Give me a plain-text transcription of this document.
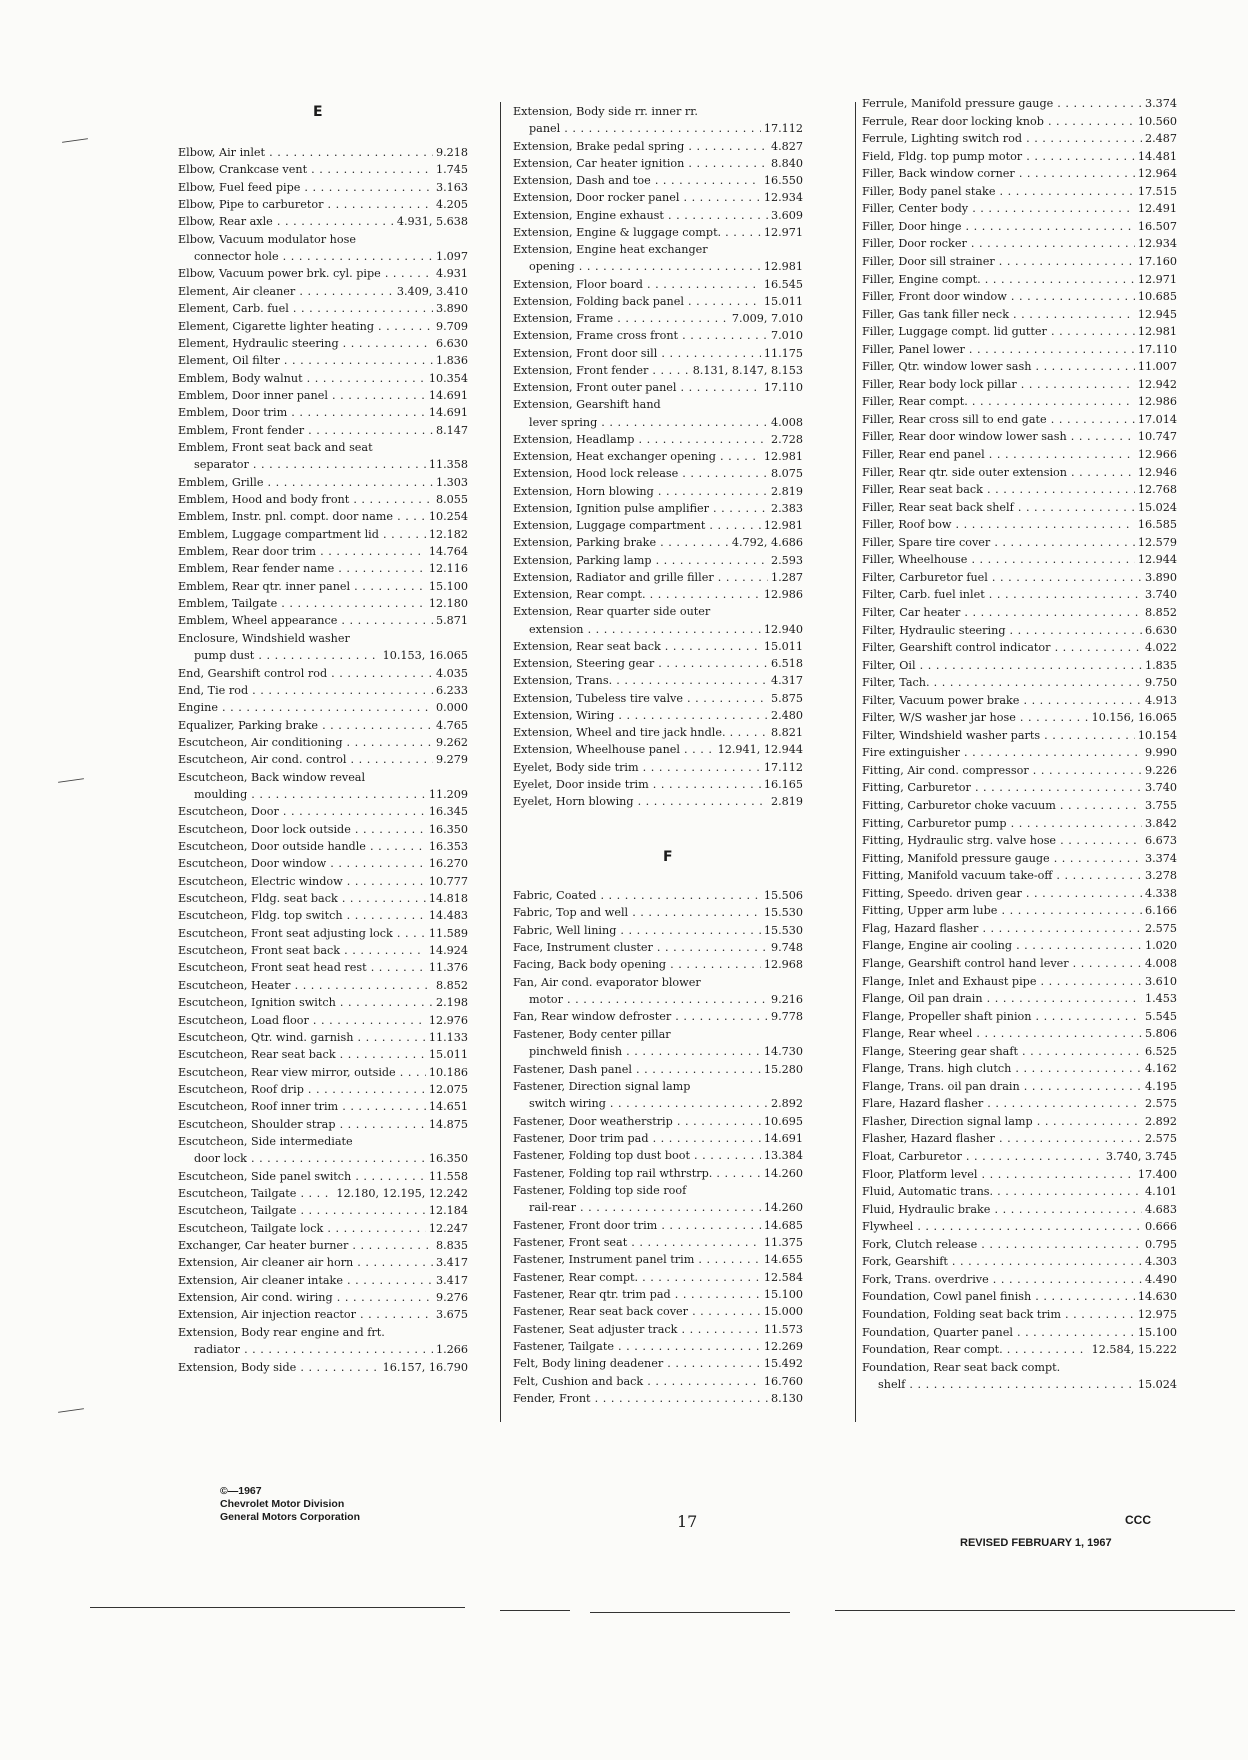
E
F
Elbow, Air inlet . . .	9.218
Elbow, Crankcase vent . . .	1.745
Elbow, Fuel feed pipe . . .	3.163
Elbow, Pipe to carburetor . . .	4.205
Elbow, Rear axle . . .	4.931, 5.638
Elbow, Vacuum modulator hose
connector hole . . .	1.097
Elbow, Vacuum power brk. cyl. pipe . . .	4.931
Element, Air cleaner . . .	3.409, 3.410
Element, Carb. fuel . . .	3.890
Element, Cigarette lighter heating . . .	9.709
Element, Hydraulic steering . . .	6.630
Element, Oil filter . . .	1.836
Emblem, Body walnut . . .	10.354
Emblem, Door inner panel . . .	14.691
Emblem, Door trim . . .	14.691
Emblem, Front fender . . .	8.147
Emblem, Front seat back and seat
separator . . .	11.358
Emblem, Grille . . .	1.303
Emblem, Hood and body front . . .	8.055
Emblem, Instr. pnl. compt. door name . . .	10.254
Emblem, Luggage compartment lid . . .	12.182
Emblem, Rear door trim . . .	14.764
Emblem, Rear fender name . . .	12.116
Emblem, Rear qtr. inner panel . . .	15.100
Emblem, Tailgate . . .	12.180
Emblem, Wheel appearance . . .	5.871
Enclosure, Windshield washer
pump dust . . .	10.153, 16.065
End, Gearshift control rod . . .	4.035
End, Tie rod . . .	6.233
Engine . . .	0.000
Equalizer, Parking brake . . .	4.765
Escutcheon, Air conditioning . . .	9.262
Escutcheon, Air cond. control . . .	9.279
Escutcheon, Back window reveal
moulding . . .	11.209
Escutcheon, Door . . .	16.345
Escutcheon, Door lock outside . . .	16.350
Escutcheon, Door outside handle . . .	16.353
Escutcheon, Door window . . .	16.270
Escutcheon, Electric window . . .	10.777
Escutcheon, Fldg. seat back . . .	14.818
Escutcheon, Fldg. top switch . . .	14.483
Escutcheon, Front seat adjusting lock . . .	11.589
Escutcheon, Front seat back . . .	14.924
Escutcheon, Front seat head rest . . .	11.376
Escutcheon, Heater . . .	8.852
Escutcheon, Ignition switch . . .	2.198
Escutcheon, Load floor . . .	12.976
Escutcheon, Qtr. wind. garnish . . .	11.133
Escutcheon, Rear seat back . . .	15.011
Escutcheon, Rear view mirror, outside . . .	10.186
Escutcheon, Roof drip . . .	12.075
Escutcheon, Roof inner trim . . .	14.651
Escutcheon, Shoulder strap . . .	14.875
Escutcheon, Side intermediate
door lock . . .	16.350
Escutcheon, Side panel switch . . .	11.558
Escutcheon, Tailgate . . .	12.180, 12.195, 12.242
Escutcheon, Tailgate . . .	12.184
Escutcheon, Tailgate lock . . .	12.247
Exchanger, Car heater burner . . .	8.835
Extension, Air cleaner air horn . . .	3.417
Extension, Air cleaner intake . . .	3.417
Extension, Air cond. wiring . . .	9.276
Extension, Air injection reactor . . .	3.675
Extension, Body rear engine and frt.
radiator . . .	1.266
Extension, Body side . . .	16.157, 16.790
Extension, Body side rr. inner rr.
panel . . .	17.112
Extension, Brake pedal spring . . .	4.827
Extension, Car heater ignition . . .	8.840
Extension, Dash and toe . . .	16.550
Extension, Door rocker panel . . .	12.934
Extension, Engine exhaust . . .	3.609
Extension, Engine & luggage compt. . . .	12.971
Extension, Engine heat exchanger
opening . . .	12.981
Extension, Floor board . . .	16.545
Extension, Folding back panel . . .	15.011
Extension, Frame . . .	7.009, 7.010
Extension, Frame cross front . . .	7.010
Extension, Front door sill . . .	11.175
Extension, Front fender . . .	8.131, 8.147, 8.153
Extension, Front outer panel . . .	17.110
Extension, Gearshift hand
lever spring . . .	4.008
Extension, Headlamp . . .	2.728
Extension, Heat exchanger opening . . .	12.981
Extension, Hood lock release . . .	8.075
Extension, Horn blowing . . .	2.819
Extension, Ignition pulse amplifier . . .	2.383
Extension, Luggage compartment . . .	12.981
Extension, Parking brake . . .	4.792, 4.686
Extension, Parking lamp . . .	2.593
Extension, Radiator and grille filler . . .	1.287
Extension, Rear compt. . . .	12.986
Extension, Rear quarter side outer
extension . . .	12.940
Extension, Rear seat back . . .	15.011
Extension, Steering gear . . .	6.518
Extension, Trans. . . .	4.317
Extension, Tubeless tire valve . . .	5.875
Extension, Wiring . . .	2.480
Extension, Wheel and tire jack hndle. . . .	8.821
Extension, Wheelhouse panel . . .	12.941, 12.944
Eyelet, Body side trim . . .	17.112
Eyelet, Door inside trim . . .	16.165
Eyelet, Horn blowing . . .	2.819
Fabric, Coated . . .	15.506
Fabric, Top and well . . .	15.530
Fabric, Well lining . . .	15.530
Face, Instrument cluster . . .	9.748
Facing, Back body opening . . .	12.968
Fan, Air cond. evaporator blower
motor . . .	9.216
Fan, Rear window defroster . . .	9.778
Fastener, Body center pillar
pinchweld finish . . .	14.730
Fastener, Dash panel . . .	15.280
Fastener, Direction signal lamp
switch wiring . . .	2.892
Fastener, Door weatherstrip . . .	10.695
Fastener, Door trim pad . . .	14.691
Fastener, Folding top dust boot . . .	13.384
Fastener, Folding top rail wthrstrp. . . .	14.260
Fastener, Folding top side roof
rail-rear . . .	14.260
Fastener, Front door trim . . .	14.685
Fastener, Front seat . . .	11.375
Fastener, Instrument panel trim . . .	14.655
Fastener, Rear compt. . . .	12.584
Fastener, Rear qtr. trim pad . . .	15.100
Fastener, Rear seat back cover . . .	15.000
Fastener, Seat adjuster track . . .	11.573
Fastener, Tailgate . . .	12.269
Felt, Body lining deadener . . .	15.492
Felt, Cushion and back . . .	16.760
Fender, Front . . .	8.130
Ferrule, Manifold pressure gauge . . .	3.374
Ferrule, Rear door locking knob . . .	10.560
Ferrule, Lighting switch rod . . .	2.487
Field, Fldg. top pump motor . . .	14.481
Filler, Back window corner . . .	12.964
Filler, Body panel stake . . .	17.515
Filler, Center body . . .	12.491
Filler, Door hinge . . .	16.507
Filler, Door rocker . . .	12.934
Filler, Door sill strainer . . .	17.160
Filler, Engine compt. . . .	12.971
Filler, Front door window . . .	10.685
Filler, Gas tank filler neck . . .	12.945
Filler, Luggage compt. lid gutter . . .	12.981
Filler, Panel lower . . .	17.110
Filler, Qtr. window lower sash . . .	11.007
Filler, Rear body lock pillar . . .	12.942
Filler, Rear compt. . . .	12.986
Filler, Rear cross sill to end gate . . .	17.014
Filler, Rear door window lower sash . . .	10.747
Filler, Rear end panel . . .	12.966
Filler, Rear qtr. side outer extension . . .	12.946
Filler, Rear seat back . . .	12.768
Filler, Rear seat back shelf . . .	15.024
Filler, Roof bow . . .	16.585
Filler, Spare tire cover . . .	12.579
Filler, Wheelhouse . . .	12.944
Filter, Carburetor fuel . . .	3.890
Filter, Carb. fuel inlet . . .	3.740
Filter, Car heater . . .	8.852
Filter, Hydraulic steering . . .	6.630
Filter, Gearshift control indicator . . .	4.022
Filter, Oil . . .	1.835
Filter, Tach. . . .	9.750
Filter, Vacuum power brake . . .	4.913
Filter, W/S washer jar hose . . .	10.156, 16.065
Filter, Windshield washer parts . . .	10.154
Fire extinguisher . . .	9.990
Fitting, Air cond. compressor . . .	9.226
Fitting, Carburetor . . .	3.740
Fitting, Carburetor choke vacuum . . .	3.755
Fitting, Carburetor pump . . .	3.842
Fitting, Hydraulic strg. valve hose . . .	6.673
Fitting, Manifold pressure gauge . . .	3.374
Fitting, Manifold vacuum take-off . . .	3.278
Fitting, Speedo. driven gear . . .	4.338
Fitting, Upper arm lube . . .	6.166
Flag, Hazard flasher . . .	2.575
Flange, Engine air cooling . . .	1.020
Flange, Gearshift control hand lever . . .	4.008
Flange, Inlet and Exhaust pipe . . .	3.610
Flange, Oil pan drain . . .	1.453
Flange, Propeller shaft pinion . . .	5.545
Flange, Rear wheel . . .	5.806
Flange, Steering gear shaft . . .	6.525
Flange, Trans. high clutch . . .	4.162
Flange, Trans. oil pan drain . . .	4.195
Flare, Hazard flasher . . .	2.575
Flasher, Direction signal lamp . . .	2.892
Flasher, Hazard flasher . . .	2.575
Float, Carburetor . . .	3.740, 3.745
Floor, Platform level . . .	17.400
Fluid, Automatic trans. . . .	4.101
Fluid, Hydraulic brake . . .	4.683
Flywheel . . .	0.666
Fork, Clutch release . . .	0.795
Fork, Gearshift . . .	4.303
Fork, Trans. overdrive . . .	4.490
Foundation, Cowl panel finish . . .	14.630
Foundation, Folding seat back trim . . .	12.975
Foundation, Quarter panel . . .	15.100
Foundation, Rear compt. . . .	12.584, 15.222
Foundation, Rear seat back compt.
shelf . . .	15.024
©—1967
Chevrolet Motor Division
General Motors Corporation	17	CCC
REVISED FEBRUARY 1, 1967
